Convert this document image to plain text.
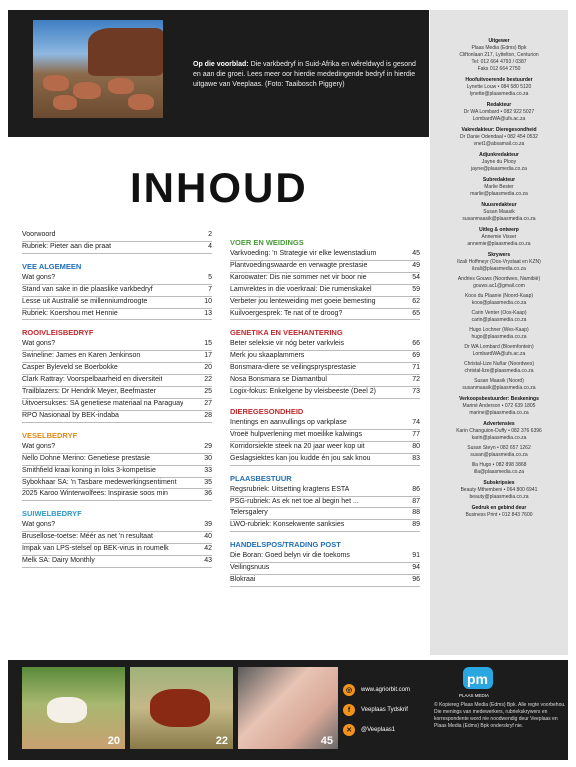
Op die voorblad: Die varkbedryf in Suid-Afrika en wêreldwyd is gesond en aan die groei. Lees meer oor hierdie mededingende bedryf in hierdie uitgawe van Veeplaas. (Foto: Taaibosch Piggery)
INHOUD
Voorwoord	2
Rubriek: Pieter aan die praat	4
VEE ALGEMEEN
Wat gons?	5
Stand van sake in die plaaslike varkbedryf	7
Lesse uit Australië se millenniumdroogte	10
Rubriek: Koershou met Hennie	13
ROOIVLEISBEDRYF
Wat gons?	15
Swineline: James en Karen Jenkinson	17
Casper Byleveld se Boerbokke	20
Clark Rattray: Voorspelbaarheid en diversiteit	22
Trailblazers: Dr Hendrik Meyer, Beefmaster	25
Uitvoersukses: SA genetiese materiaal na Paraguay	27
RPO Nasionaal by BEK-indaba	28
VESELBEDRYF
Wat gons?	29
Nello Dohne Merino: Genetiese prestasie	30
Smithfield kraai koning in loks 3-kompetisie	33
Sybokhaar SA: 'n Tasbare medewerkingsentiment	35
2025 Karoo Winterwolfees: Inspirasie soos min	36
SUIWELBEDRYF
Wat gons?	39
Brusellose-toetse: Méér as net 'n resultaat	40
Impak van LPS-stelsel op BEK-virus in roumelk	42
Melk SA: Dairy Monthly	43
VOER EN WEIDINGS
Varkvoeding: 'n Strategie vir elke lewenstadium	45
Plantvoedingswaarde en verwagte prestasie	49
Karoowater: Dis nie sommer net vir boor nie	54
Lamvrektes in die voerkraal: Die rumenskakel	59
Verbeter jou lenteweiding met goeie bemesting	62
Kuilvoergesprek: Te nat of te droog?	65
GENETIKA EN VEEHANTERING
Beter seleksie vir nóg beter varkvleis	66
Merk jou skaaplammers	69
Bonsmara-diere se veilingsprysprestasie	71
Nosa Bonsmara se Diamantbul	72
Logix-fokus: Enkelgene by vleisbeeste (Deel 2)	73
DIEREGESONDHEID
Inentings en aanvullings op varkplase	74
Vroeë hulpverlening met moeilike kalwings	77
Korridorsiekte steek na 20 jaar weer kop uit	80
Geslagsiektes kan jou kudde én jou sak knou	83
PLAASBESTUUR
Regsrubriek: Uitsetting kragtens ESTA	86
PSG-rubriek: As ek net toe al begin het ...	87
Telersgalery	88
LWO-rubriek: Konsekwente sanksies	89
HANDELSPOS/TRADING POST
Die Boran: Goed belyn vir die toekoms	91
Veilingsnuus	94
Blokraai	96
Uitgewer
Plaas Media (Edms) Bpk
Cliftonlaan 217, Lyttelton, Centurion
Tel: 012 664 4793 / 0387
Faks 012 664 2750
Hoofuitvoerende bestuurder
Lynette Louw • 084 580 5120
lynette@plaasmedia.co.za
Redakteur
Dr WA Lombard • 082 922 5027
LombardWA@ufs.ac.za
Vakredakteur: Dieregesondheid
Dr Danie Odendaal • 082 454 0532
vnet1@absamail.co.za
Adjunkredakteur
Jayne du Plooy
jayne@plaasmedia.co.za
Subredakteur
Marlie Bester
marlie@plaasmedia.co.za
Nuusredakteur
Susan Maasik
susanmaasik@plaasmedia.co.za
Uitleg & ontwerp
Annemie Visser
annemie@plaasmedia.co.za
Skrywers
Ilzali Hoffmeyr (Oos-Vrystaat en KZN)
ilzali@plaasmedia.co.za
Andries Gouws (Noordwes, Namibië)
gouws.ac1@gmail.com
Koos du Plaanie (Noord-Kaap)
koos@plaasmedia.co.za
Carin Venter (Oos-Kaap)
carin@plaasmedia.co.za
Hugo Lochner (Wes-Kaap)
hugo@plaasmedia.co.za
Dr WA Lombard (Bloemfontein)
LombardWA@ufs.ac.za
Christal-Lize Nuñar (Noordwes)
christal-lize@plaasmedia.co.za
Susan Maasik (Noord)
susanmaasik@plaasmedia.co.za
Verkoopsbestuurder: Beskenings
Mariné Anderson • 072 639 1805
marine@plaasmedia.co.za
Advertensies
Karin Changuion-Duffy • 082 376 6396
karin@plaasmedia.co.za
Susan Steyn • 082 657 1262
susan@plaasmedia.co.za
Illa Hugo • 082 898 3868
illa@plaasmedia.co.za
Subskripsies
Beauty Mthembeni • 064 800 6941
beauty@plaasmedia.co.za
Gedruk en gebind deur
Business Print • 012 843 7600
20	22	45
◎	www.agriorbit.com
f	Veeplaas Tydskrif
✕	@Veeplaas1
pm
PLAAS MEDIA
© Kopiereg Plaas Media (Edms) Bpk. Alle regte voorbehou. Die menings van medewerkers, rubriekskrywers en korrespondente word nie noodwendig deur Veeplaas en Plaas Media (Edms) Bpk onderskryf nie.
